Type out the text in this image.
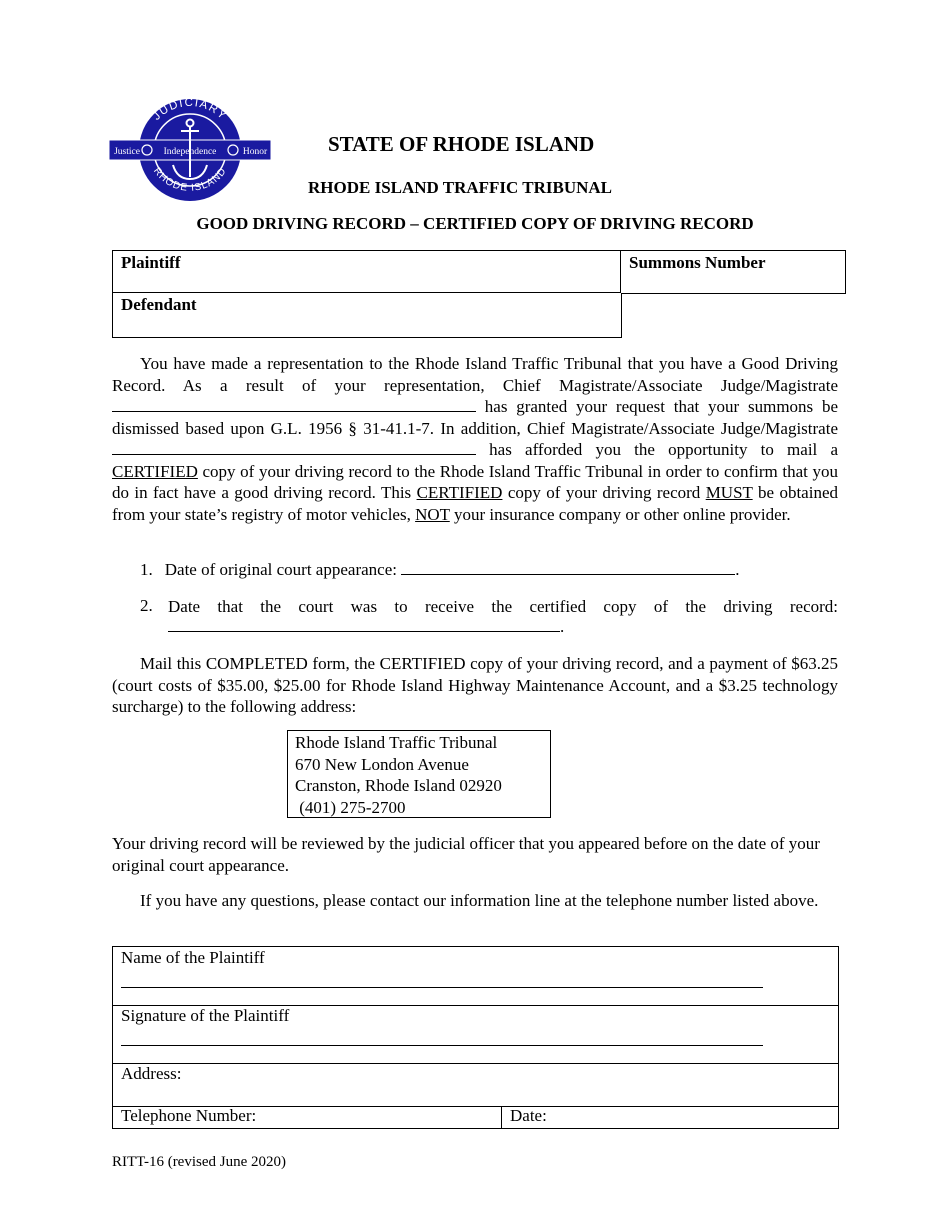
JUDICIARY
RHODE ISLAND
Justice Independence	Honor	STATE OF RHODE ISLAND
RHODE ISLAND TRAFFIC TRIBUNAL
GOOD DRIVING RECORD – CERTIFIED COPY OF DRIVING RECORD
Plaintiff	Summons Number
Defendant
You have made a representation to the Rhode Island Traffic Tribunal that you have a Good Driving Record. As a result of your representation, Chief Magistrate/Associate Judge/Magistrate  has granted your request that your summons be dismissed based upon G.L. 1956 § 31-41.1-7. In addition, Chief Magistrate/Associate Judge/Magistrate  has afforded you the opportunity to mail a CERTIFIED copy of your driving record to the Rhode Island Traffic Tribunal in order to confirm that you do in fact have a good driving record. This CERTIFIED copy of your driving record MUST be obtained from your state’s registry of motor vehicles, NOT your insurance company or other online provider.
1. Date of original court appearance:	.
2. Date that the court was to receive the certified copy of the driving record:
.
Mail this COMPLETED form, the CERTIFIED copy of your driving record, and a payment of $63.25 (court costs of $35.00, $25.00 for Rhode Island Highway Maintenance Account, and a $3.25 technology surcharge) to the following address:
Rhode Island Traffic Tribunal
670 New London Avenue
Cranston, Rhode Island 02920
(401) 275-2700
Your driving record will be reviewed by the judicial officer that you appeared before on the date of your original court appearance.
If you have any questions, please contact our information line at the telephone number listed above.
Name of the Plaintiff
Signature of the Plaintiff
Address:
Telephone Number:	Date:
RITT-16 (revised June 2020)
